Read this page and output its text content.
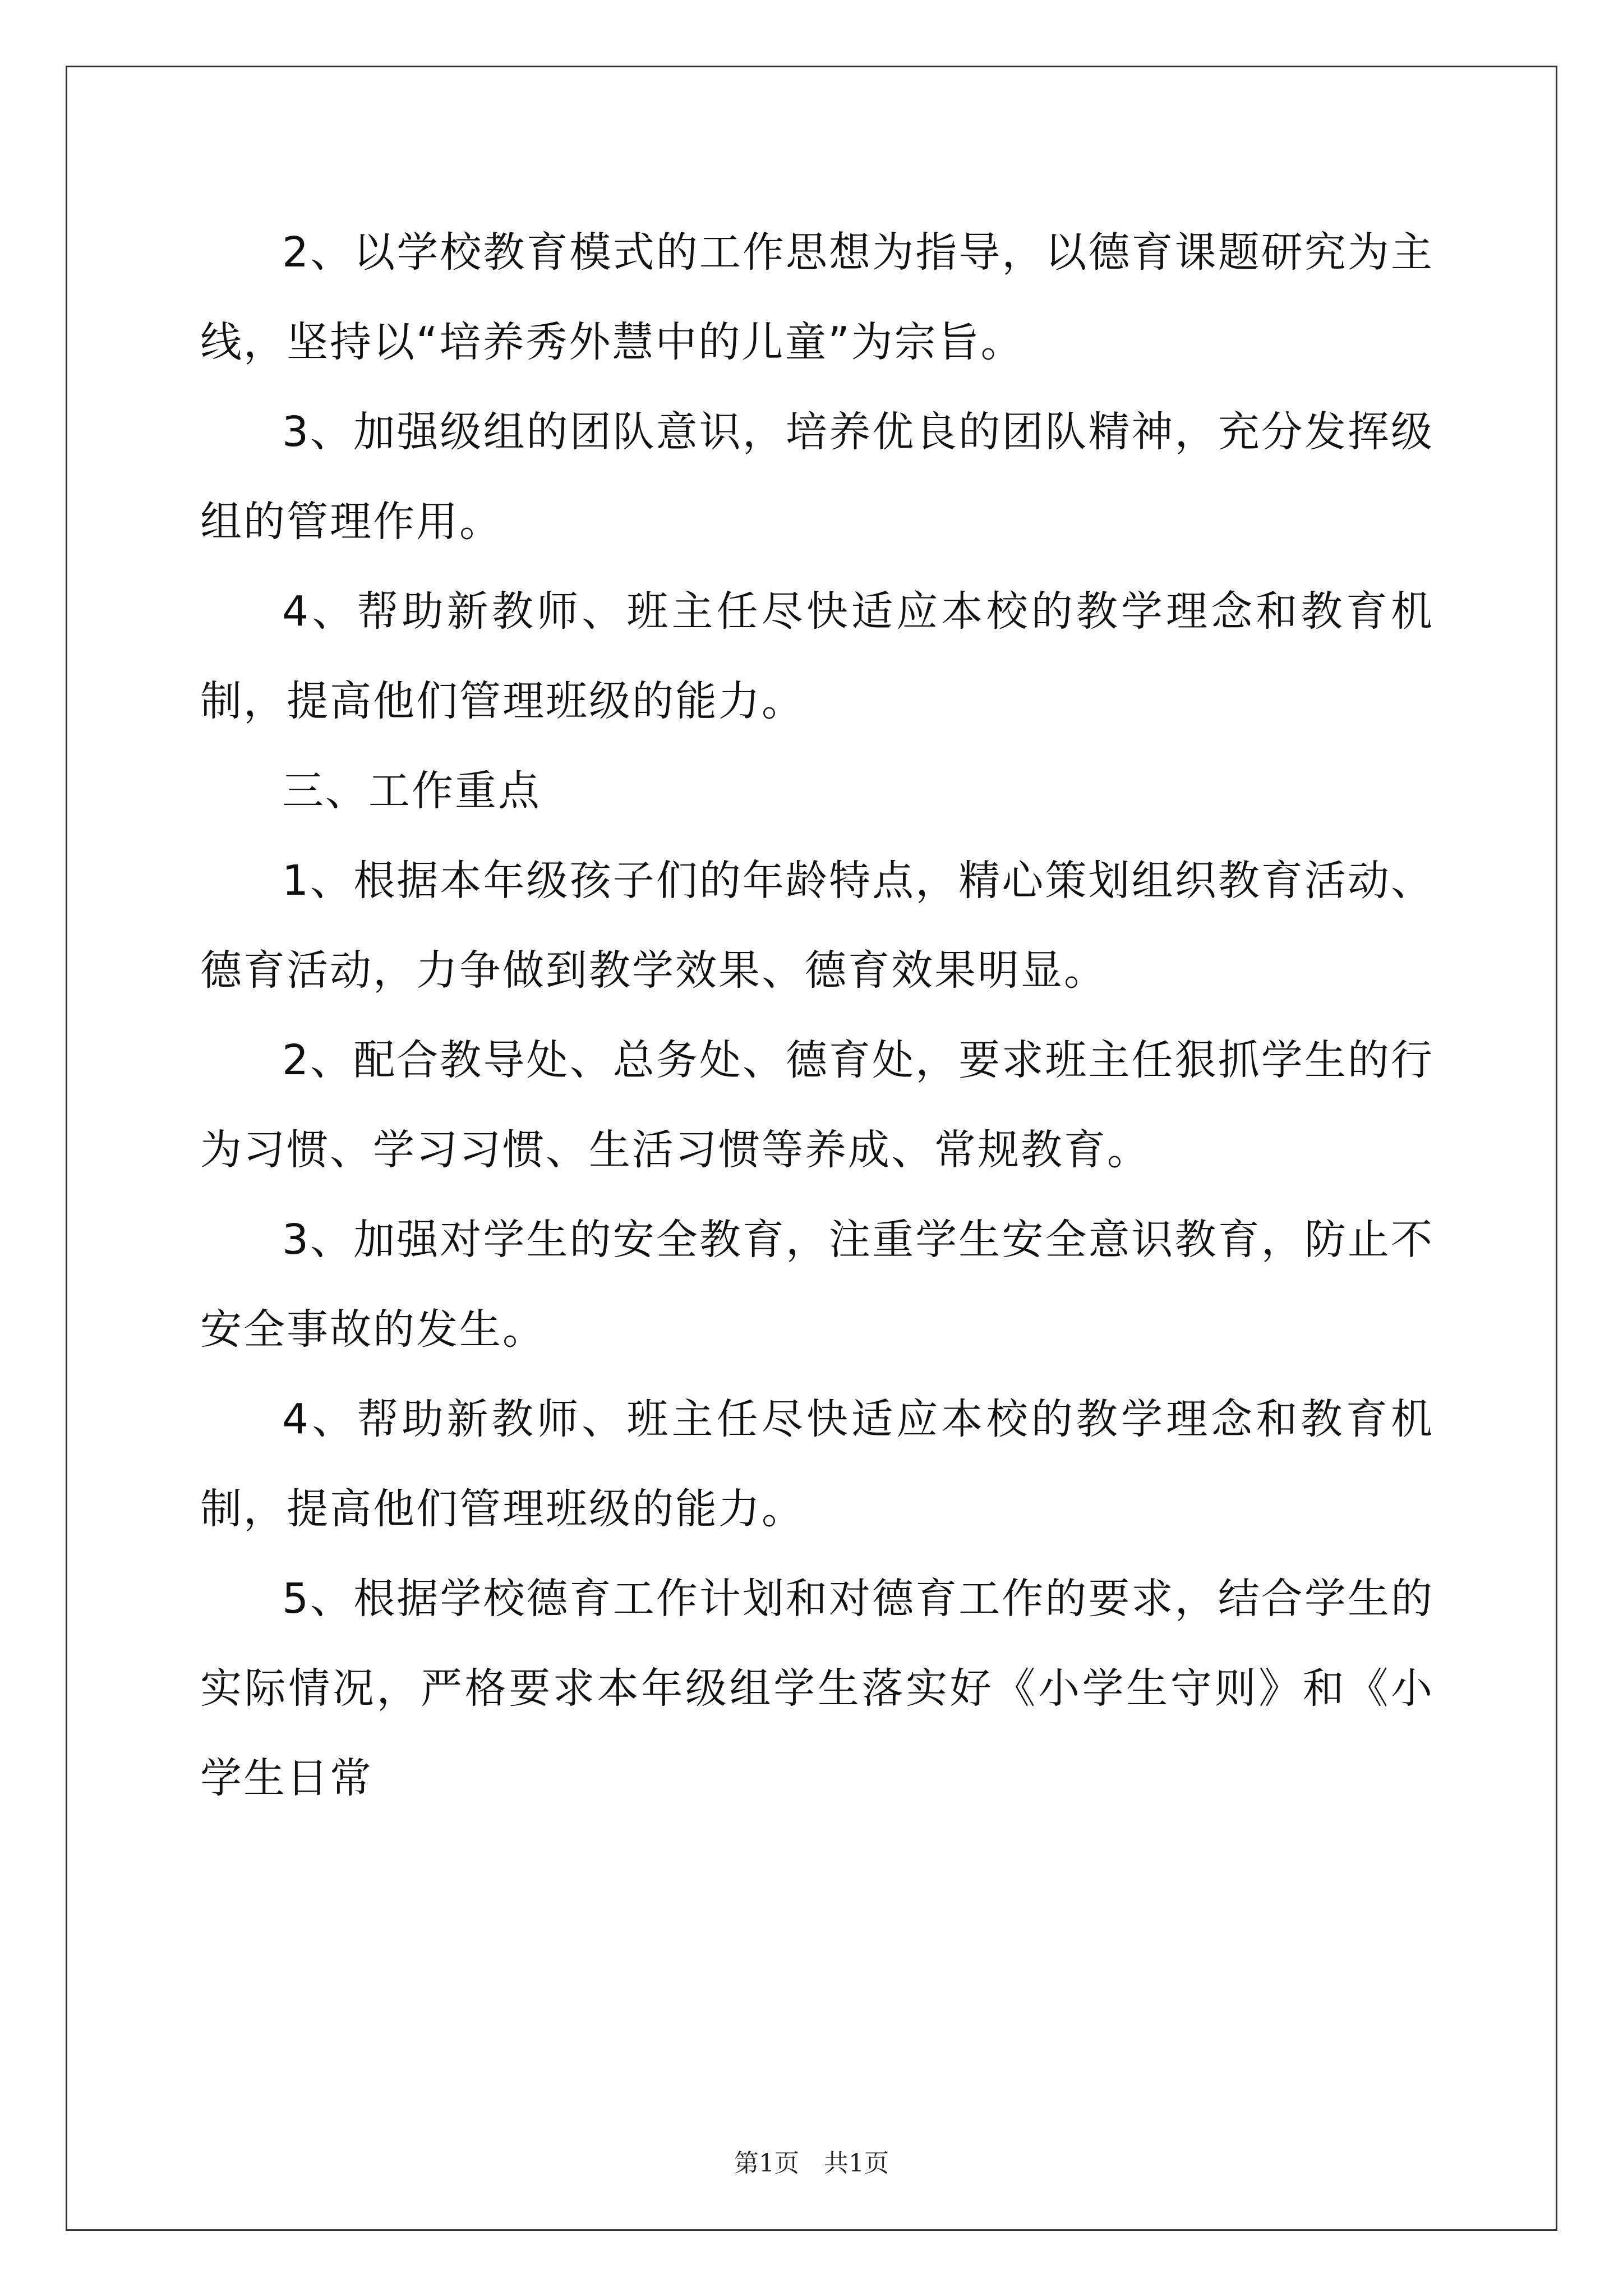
2、以学校教育模式的工作思想为指导，以德育课题研究为主线，坚持以“培养秀外慧中的儿童”为宗旨。

3、加强级组的团队意识，培养优良的团队精神，充分发挥级组的管理作用。

4、帮助新教师、班主任尽快适应本校的教学理念和教育机制，提高他们管理班级的能力。

三、工作重点

1、根据本年级孩子们的年龄特点，精心策划组织教育活动、德育活动，力争做到教学效果、德育效果明显。

2、配合教导处、总务处、德育处，要求班主任狠抓学生的行为习惯、学习习惯、生活习惯等养成、常规教育。

3、加强对学生的安全教育，注重学生安全意识教育，防止不安全事故的发生。

4、帮助新教师、班主任尽快适应本校的教学理念和教育机制，提高他们管理班级的能力。

5、根据学校德育工作计划和对德育工作的要求，结合学生的实际情况，严格要求本年级组学生落实好《小学生守则》和《小学生日常

第1页　共1页
